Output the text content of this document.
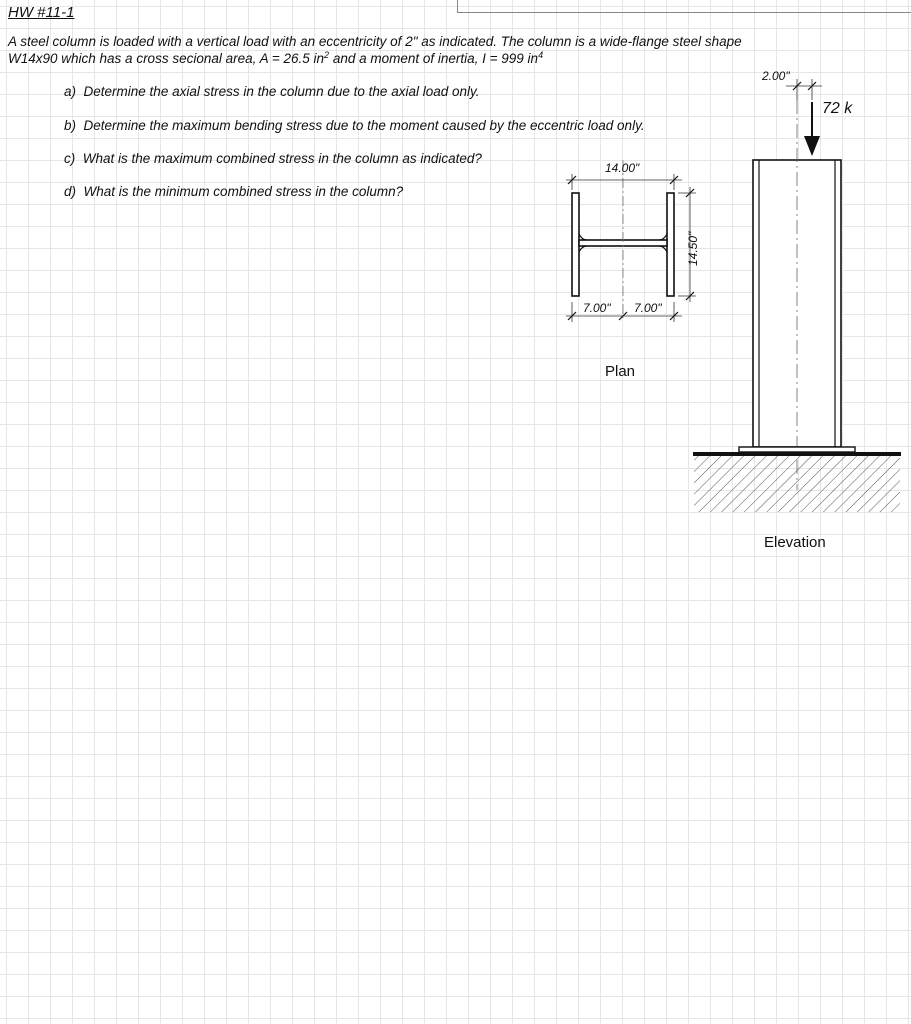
HW #11-1
A steel column is loaded with a vertical load with an eccentricity of 2" as indicated. The column is a wide-flange steel shape
W14x90 which has a cross secional area, A = 26.5 $in^2$ and a moment of inertia, I = 999 $in^4$
a) Determine the axial stress in the column due to the axial load only.
b) Determine the maximum bending stress due to the moment caused by the eccentric load only.
c) What is the maximum combined stress in the column as indicated?
d) What is the minimum combined stress in the column?
14.00"
14.50"
7.00" 7.00"
Plan
2.00"
72 k
Elevation
